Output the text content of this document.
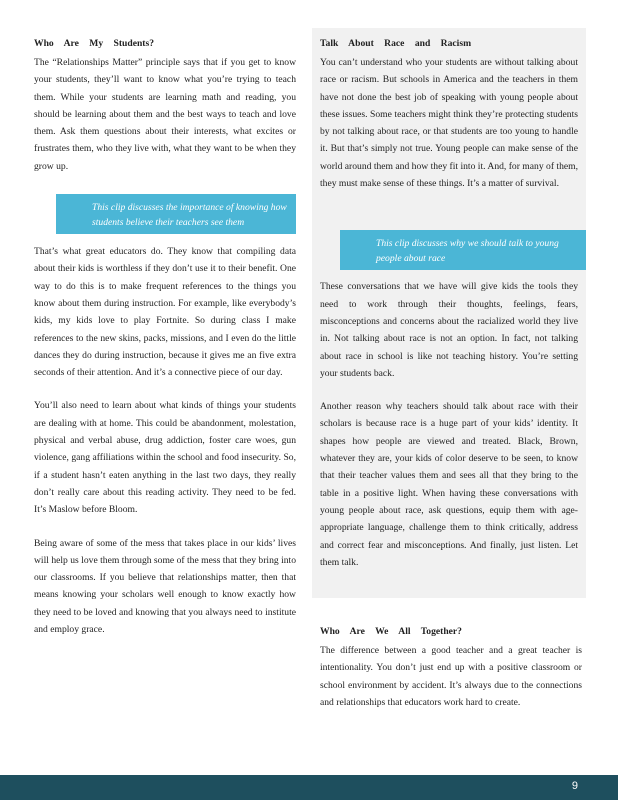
Who Are My Students?

The “Relationships Matter” principle says that if you get to know your students, they’ll want to know what you’re trying to teach them. While your students are learning math and reading, you should be learning about them and the best ways to teach and love them. Ask them questions about their interests, what excites or frustrates them, who they live with, what they want to be when they grow up.

That’s what great educators do. They know that compiling data about their kids is worthless if they don’t use it to their benefit. One way to do this is to make frequent references to the things you know about them during instruction. For example, like everybody’s kids, my kids love to play Fortnite. So during class I make references to the new skins, packs, missions, and I even do the little dances they do during instruction, because it gives me an five extra seconds of their attention. And it’s a connective piece of our day.

You’ll also need to learn about what kinds of things your students are dealing with at home. This could be abandonment, molestation, physical and verbal abuse, drug addiction, foster care woes, gun violence, gang affiliations within the school and food insecurity. So, if a student hasn’t eaten anything in the last two days, they really don’t really care about this reading activity. They need to be fed. It’s Maslow before Bloom.

Being aware of some of the mess that takes place in our kids’ lives will help us love them through some of the mess that they bring into our classrooms. If you believe that relationships matter, then that means knowing your scholars well enough to know exactly how they need to be loved and knowing that you always need to institute and employ grace.

This clip discusses the importance of knowing how students believe their teachers see them
Talk About Race and Racism

You can’t understand who your students are without talking about race or racism. But schools in America and the teachers in them have not done the best job of speaking with young people about these issues. Some teachers might think they’re protecting students by not talking about race, or that students are too young to handle it. But that’s simply not true. Young people can make sense of the world around them and how they fit into it. And, for many of them, they must make sense of these things. It’s a matter of survival.

These conversations that we have will give kids the tools they need to work through their thoughts, feelings, fears, misconceptions and concerns about the racialized world they live in. Not talking about race is not an option. In fact, not talking about race in school is like not teaching history. You’re setting your students back.

Another reason why teachers should talk about race with their scholars is because race is a huge part of your kids’ identity. It shapes how people are viewed and treated. Black, Brown, whatever they are, your kids of color deserve to be seen, to know that their teacher values them and sees all that they bring to the table in a positive light. When having these conversations with young people about race, ask questions, equip them with age-appropriate language, challenge them to think critically, address and correct fear and misconceptions. And finally, just listen. Let them talk.

This clip discusses why we should talk to young people about race
Who Are We All Together?

The difference between a good teacher and a great teacher is intentionality. You don’t just end up with a positive classroom or school environment by accident. It’s always due to the connections and relationships that educators work hard to create.

9
